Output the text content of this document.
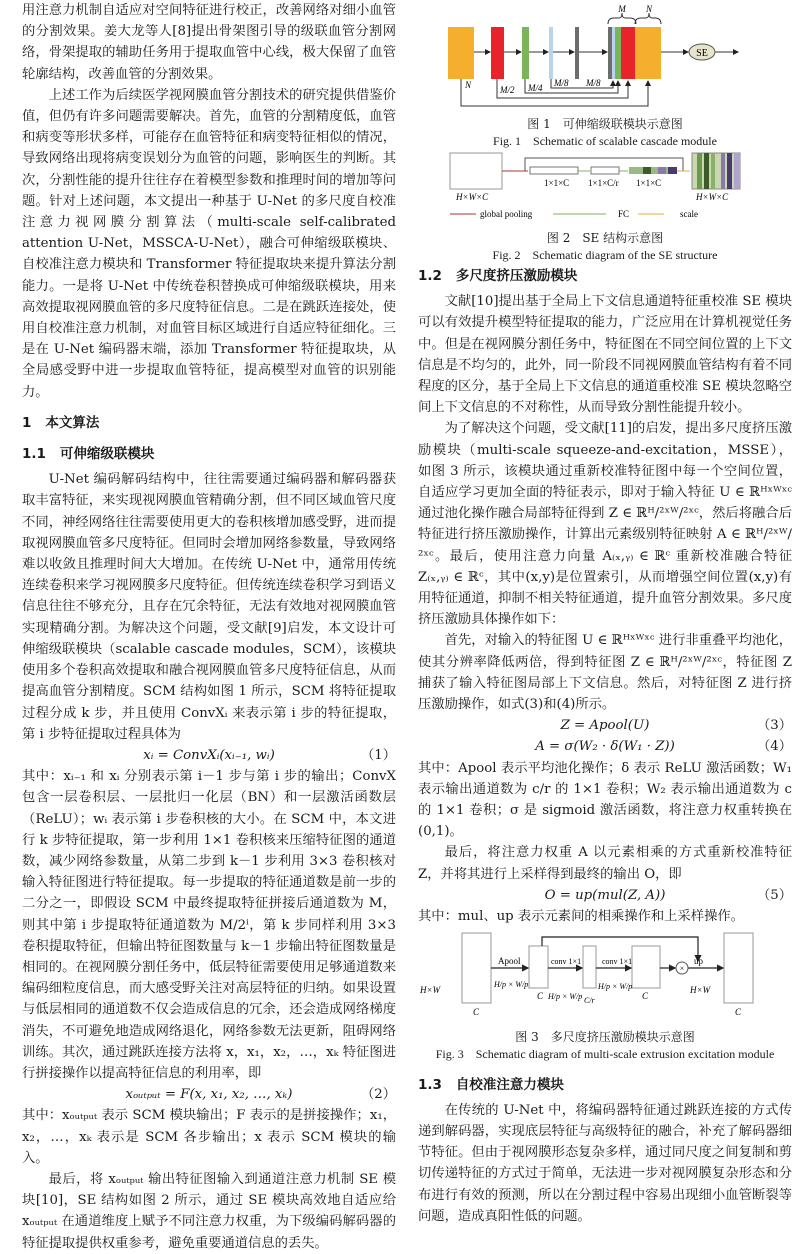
用注意力机制自适应对空间特征进行校正，改善网络对细小血管的分割效果。姜大龙等人[8]提出骨架图引导的级联血管分割网络，骨架提取的辅助任务用于提取血管中心线，极大保留了血管轮廓结构，改善血管的分割效果。

上述工作为后续医学视网膜血管分割技术的研究提供借鉴价值，但仍有许多问题需要解决。首先，血管的分割精度低，血管和病变等形状多样，可能存在血管特征和病变特征相似的情况，导致网络出现将病变误划分为血管的问题，影响医生的判断。其次，分割性能的提升往往存在着模型参数和推理时间的增加等问题。针对上述问题，本文提出一种基于 U-Net 的多尺度自校准注意力视网膜分割算法（multi-scale self-calibrated attention U-Net，MSSCA-U-Net），融合可伸缩级联模块、自校准注意力模块和 Transformer 特征提取块来提升算法分割能力。一是将 U-Net 中传统卷积替换成可伸缩级联模块，用来高效提取视网膜血管的多尺度特征信息。二是在跳跃连接处，使用自校准注意力机制，对血管目标区域进行自适应特征细化。三是在 U-Net 编码器末端，添加 Transformer 特征提取块，从全局感受野中进一步提取血管特征，提高模型对血管的识别能力。

1 本文算法
1.1 可伸缩级联模块

U-Net 编码解码结构中，往往需要通过编码器和解码器获取丰富特征，来实现视网膜血管精确分割，但不同区域血管尺度不同，神经网络往往需要使用更大的卷积核增加感受野，进而提取视网膜血管多尺度特征。但同时会增加网络参数量，导致网络难以收敛且推理时间大大增加。在传统 U-Net 中，通常用传统连续卷积来学习视网膜多尺度特征。但传统连续卷积学习到语义信息往往不够充分，且存在冗余特征，无法有效地对视网膜血管实现精确分割。为解决这个问题，受文献[9]启发，本文设计可伸缩级联模块（scalable cascade modules，SCM），该模块使用多个卷积高效提取和融合视网膜血管多尺度特征信息，从而提高血管分割精度。SCM 结构如图 1 所示，SCM 将特征提取过程分成 k 步，并且使用 ConvXᵢ 来表示第 i 步的特征提取，第 i 步特征提取过程具体为

xᵢ = ConvXᵢ(xᵢ₋₁, wᵢ)	（1）

其中：xᵢ₋₁ 和 xᵢ 分别表示第 i－1 步与第 i 步的输出；ConvX 包含一层卷积层、一层批归一化层（BN）和一层激活函数层（ReLU）；wᵢ 表示第 i 步卷积核的大小。在 SCM 中，本文进行 k 步特征提取，第一步利用 1×1 卷积核来压缩特征图的通道数，减少网络参数量，从第二步到 k－1 步利用 3×3 卷积核对输入特征图进行特征提取。每一步提取的特征通道数是前一步的二分之一，即假设 SCM 中最终提取特征拼接后通道数为 M，则其中第 i 步提取特征通道数为 M/2ⁱ，第 k 步同样利用 3×3 卷积提取特征，但输出特征图数量与 k－1 步输出特征图数量是相同的。在视网膜分割任务中，低层特征需要使用足够通道数来编码细粒度信息，而大感受野关注对高层特征的归纳。如果设置与低层相同的通道数不仅会造成信息的冗余，还会造成网络梯度消失，不可避免地造成网络退化，网络参数无法更新，阻碍网络训练。其次，通过跳跃连接方法将 x，x₁，x₂，…，xₖ 特征图进行拼接操作以提高特征信息的利用率，即

xₒᵤₜₚᵤₜ = F(x, x₁, x₂, …, xₖ)	（2）

其中：xₒᵤₜₚᵤₜ 表示 SCM 模块输出；F 表示的是拼接操作；x₁，x₂，…，xₖ 表示是 SCM 各步输出；x 表示 SCM 模块的输入。

最后，将 xₒᵤₜₚᵤₜ 输出特征图输入到通道注意力机制 SE 模块[10]，SE 结构如图 2 所示，通过 SE 模块高效地自适应给 xₒᵤₜₚᵤₜ 在通道维度上赋予不同注意力权重，为下级编码解码器的特征提取提供权重参考，避免重要通道信息的丢失。

SE
N	M/2 M/4 M/8 M/8
M N
图 1　可伸缩级联模块示意图
Fig. 1　Schematic of scalable cascade module
H×W×C
1×1×C 1×1×C/r 1×1×C
H×W×C
global pooling	FC	scale
图 2　SE 结构示意图
Fig. 2　Schematic diagram of the SE structure
1.2 多尺度挤压激励模块

文献[10]提出基于全局上下文信息通道特征重校准 SE 模块可以有效提升模型特征提取的能力，广泛应用在计算机视觉任务中。但是在视网膜分割任务中，特征图在不同空间位置的上下文信息是不均匀的，此外，同一阶段不同视网膜血管结构有着不同程度的区分，基于全局上下文信息的通道重校准 SE 模块忽略空间上下文信息的不对称性，从而导致分割性能提升较小。

为了解决这个问题，受文献[11]的启发，提出多尺度挤压激励模块（multi-scale squeeze-and-excitation，MSSE），如图 3 所示，该模块通过重新校准特征图中每一个空间位置，自适应学习更加全面的特征表示，即对于输入特征 U ∈ ℝᴴˣᵂˣᶜ 通过池化操作融合局部特征得到 Z ∈ ℝᴴ/²ˣᵂ/²ˣᶜ，然后将融合后特征进行挤压激励操作，计算出元素级别特征映射 A ∈ ℝᴴ/²ˣᵂ/²ˣᶜ。最后，使用注意力向量 A₍ₓ,ᵧ₎ ∈ ℝᶜ 重新校准融合特征 Z₍ₓ,ᵧ₎ ∈ ℝᶜ，其中(x,y)是位置索引，从而增强空间位置(x,y)有用特征通道，抑制不相关特征通道，提升血管分割效果。多尺度挤压激励具体操作如下：

首先，对输入的特征图 U ∈ ℝᴴˣᵂˣᶜ 进行非重叠平均池化，使其分辨率降低两倍，得到特征图 Z ∈ ℝᴴ/²ˣᵂ/²ˣᶜ，特征图 Z 捕获了输入特征图局部上下文信息。然后，对特征图 Z 进行挤压激励操作，如式(3)和(4)所示。

Z = Apool(U)	（3）
A = σ(W₂ · δ(W₁ · Z))	（4）

其中：Apool 表示平均池化操作；δ 表示 ReLU 激活函数；W₁ 表示输出通道数为 c/r 的 1×1 卷积；W₂ 表示输出通道数为 c 的 1×1 卷积；σ 是 sigmoid 激活函数，将注意力权重转换在(0,1)。

最后，将注意力权重 A 以元素相乘的方式重新校准特征 Z，并将其进行上采样得到最终的输出 O，即

O = up(mul(Z, A))	（5）

其中：mul、up 表示元素间的相乘操作和上采样操作。

×
Apool	conv 1×1	conv 1×1	up
H×W
C
H/p × W/p
C H/p × W/p C/r
H/p × W/p
C
H×W
C
图 3　多尺度挤压激励模块示意图
Fig. 3　Schematic diagram of multi-scale extrusion excitation module
1.3 自校准注意力模块

在传统的 U-Net 中，将编码器特征通过跳跃连接的方式传递到解码器，实现底层特征与高级特征的融合，补充了解码器细节特征。但由于视网膜形态复杂多样，通过同尺度之间复制和剪切传递特征的方式过于简单，无法进一步对视网膜复杂形态和分布进行有效的预测，所以在分割过程中容易出现细小血管断裂等问题，造成真阳性低的问题。
